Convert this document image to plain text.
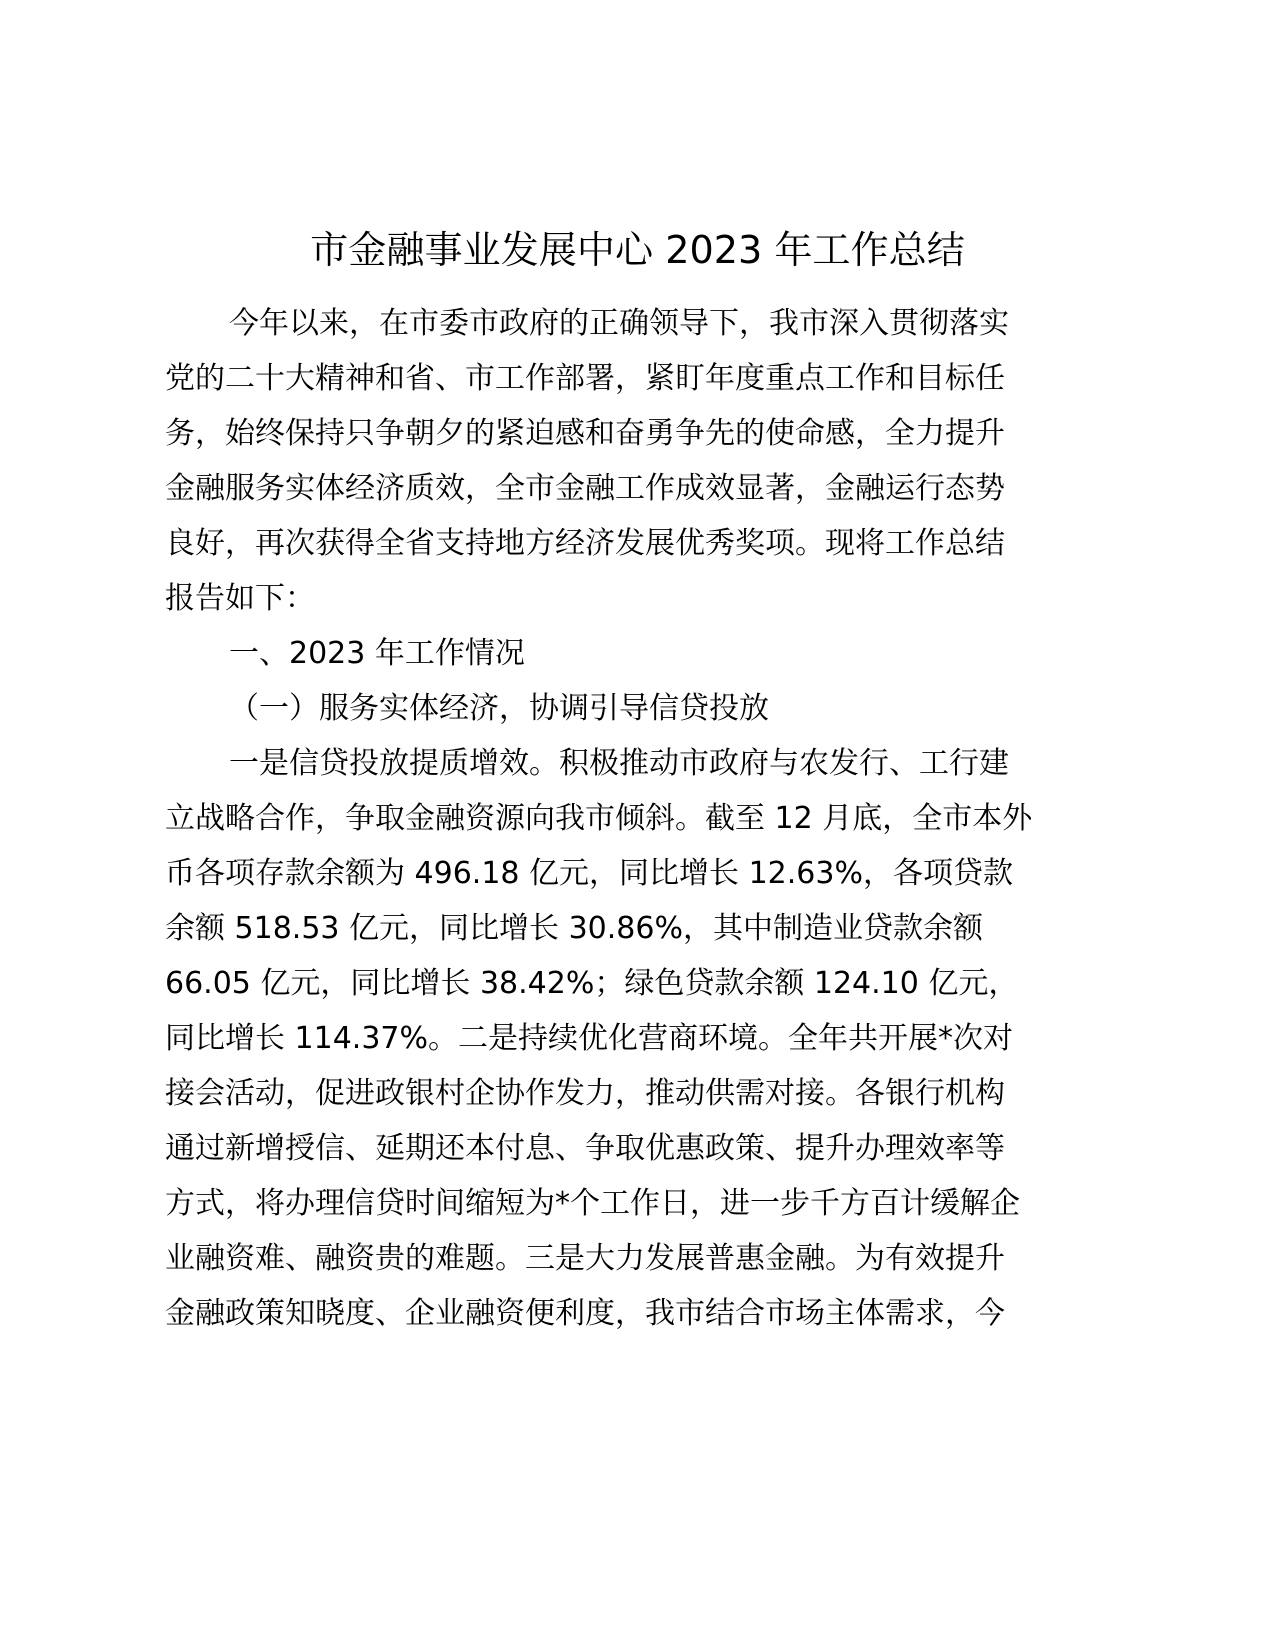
市金融事业发展中心 2023 年工作总结

今年以来，在市委市政府的正确领导下，我市深入贯彻落实

党的二十大精神和省、市工作部署，紧盯年度重点工作和目标任

务，始终保持只争朝夕的紧迫感和奋勇争先的使命感，全力提升

金融服务实体经济质效，全市金融工作成效显著，金融运行态势

良好，再次获得全省支持地方经济发展优秀奖项。现将工作总结

报告如下：

一、2023 年工作情况

（一）服务实体经济，协调引导信贷投放

一是信贷投放提质增效。积极推动市政府与农发行、工行建

立战略合作，争取金融资源向我市倾斜。截至 12 月底，全市本外

币各项存款余额为 496.18 亿元，同比增长 12.63%，各项贷款

余额 518.53 亿元，同比增长 30.86%，其中制造业贷款余额

66.05 亿元，同比增长 38.42%；绿色贷款余额 124.10 亿元，

同比增长 114.37%。二是持续优化营商环境。全年共开展*次对

接会活动，促进政银村企协作发力，推动供需对接。各银行机构

通过新增授信、延期还本付息、争取优惠政策、提升办理效率等

方式，将办理信贷时间缩短为*个工作日，进一步千方百计缓解企

业融资难、融资贵的难题。三是大力发展普惠金融。为有效提升

金融政策知晓度、企业融资便利度，我市结合市场主体需求，今
